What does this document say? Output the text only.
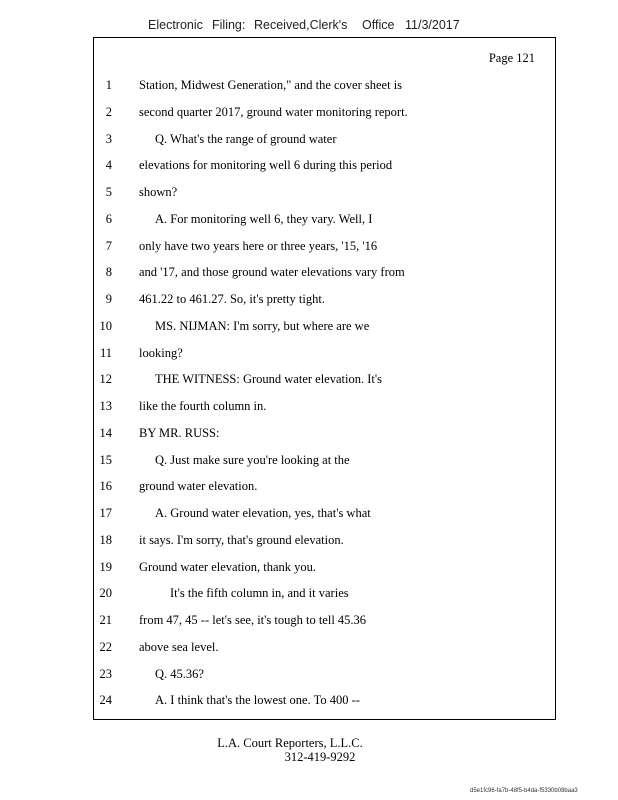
Electronic Filing: Received,Clerk's Office 11/3/2017
Page 121
1 Station, Midwest Generation," and the cover sheet is
2 second quarter 2017, ground water monitoring report.
3	Q. What's the range of ground water
4 elevations for monitoring well 6 during this period
5 shown?
6	A. For monitoring well 6, they vary. Well, I
7 only have two years here or three years, '15, '16
8 and '17, and those ground water elevations vary from
9 461.22 to 461.27. So, it's pretty tight.
10	MS. NIJMAN: I'm sorry, but where are we
11 looking?
12	THE WITNESS: Ground water elevation. It's
13 like the fourth column in.
14 BY MR. RUSS:
15	Q. Just make sure you're looking at the
16 ground water elevation.
17	A. Ground water elevation, yes, that's what
18 it says. I'm sorry, that's ground elevation.
19 Ground water elevation, thank you.
20	It's the fifth column in, and it varies
21 from 47, 45 -- let's see, it's tough to tell 45.36
22 above sea level.
23	Q. 45.36?
24	A. I think that's the lowest one. To 400 --
L.A. Court Reporters, L.L.C.
312-419-9292
d5e1fc96-fa7b-48f5-b4da-f5330b08baa3
